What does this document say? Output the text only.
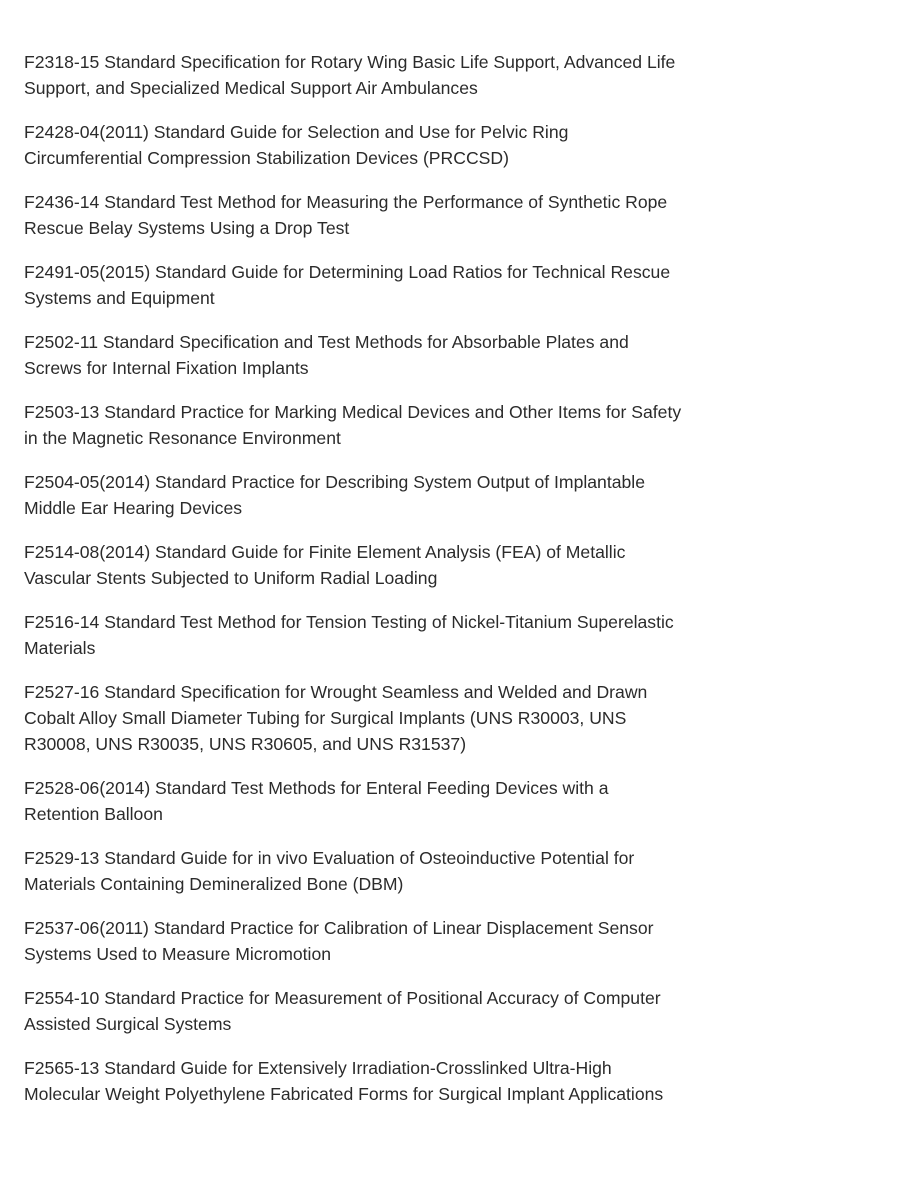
F2318-15 Standard Specification for Rotary Wing Basic Life Support, Advanced Life Support, and Specialized Medical Support Air Ambulances

F2428-04(2011) Standard Guide for Selection and Use for Pelvic Ring Circumferential Compression Stabilization Devices (PRCCSD)

F2436-14 Standard Test Method for Measuring the Performance of Synthetic Rope Rescue Belay Systems Using a Drop Test

F2491-05(2015) Standard Guide for Determining Load Ratios for Technical Rescue Systems and Equipment

F2502-11 Standard Specification and Test Methods for Absorbable Plates and Screws for Internal Fixation Implants

F2503-13 Standard Practice for Marking Medical Devices and Other Items for Safety in the Magnetic Resonance Environment

F2504-05(2014) Standard Practice for Describing System Output of Implantable Middle Ear Hearing Devices

F2514-08(2014) Standard Guide for Finite Element Analysis (FEA) of Metallic Vascular Stents Subjected to Uniform Radial Loading

F2516-14 Standard Test Method for Tension Testing of Nickel-Titanium Superelastic Materials

F2527-16 Standard Specification for Wrought Seamless and Welded and Drawn Cobalt Alloy Small Diameter Tubing for Surgical Implants (UNS R30003, UNS R30008, UNS R30035, UNS R30605, and UNS R31537)

F2528-06(2014) Standard Test Methods for Enteral Feeding Devices with a Retention Balloon

F2529-13 Standard Guide for in vivo Evaluation of Osteoinductive Potential for Materials Containing Demineralized Bone (DBM)

F2537-06(2011) Standard Practice for Calibration of Linear Displacement Sensor Systems Used to Measure Micromotion

F2554-10 Standard Practice for Measurement of Positional Accuracy of Computer Assisted Surgical Systems

F2565-13 Standard Guide for Extensively Irradiation-Crosslinked Ultra-High Molecular Weight Polyethylene Fabricated Forms for Surgical Implant Applications
